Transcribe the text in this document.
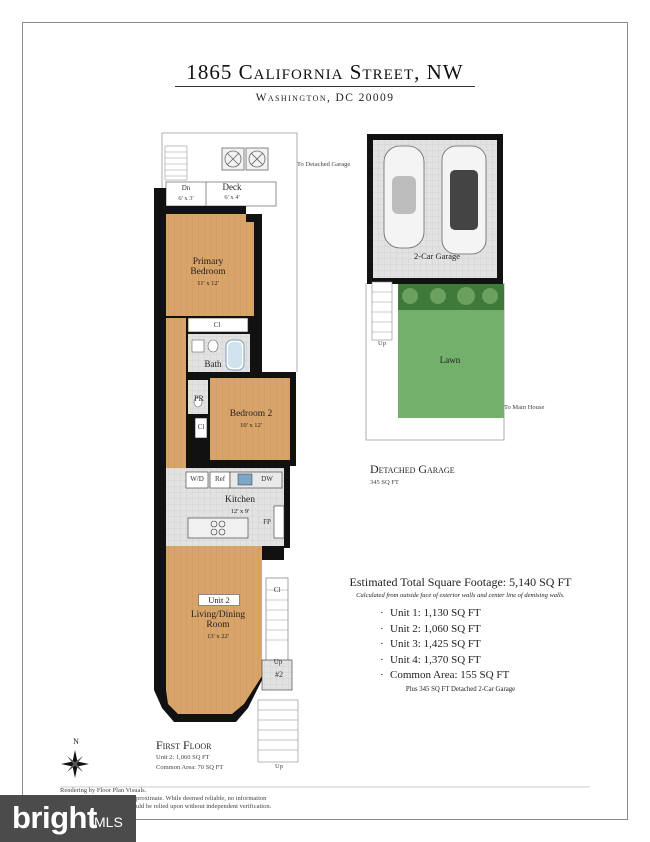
1865 California Street, NW
Washington, DC 20009
Dn
6' x 3'
Deck
6' x 4'
Primary Bedroom
11' x 12'
Cl
Bath
PR
Cl
Bedroom 2
10' x 12'
W/D	Ref	DW
Kitchen
12' x 9'
FP
Unit 2
Living/Dining Room
13' x 22'
Cl
Up
#2
To Detached Garage
2-Car Garage
Lawn
Up
To Main House
Detached Garage
345 SQ FT
Estimated Total Square Footage: 5,140 SQ FT
Calculated from outside face of exterior walls and center line of demising walls.
· Unit 1: 1,130 SQ FT
· Unit 2: 1,060 SQ FT
· Unit 3: 1,425 SQ FT
· Unit 4: 1,370 SQ FT
· Common Area: 155 SQ FT
Plus 345 SQ FT Detached 2-Car Garage
Up
N	First Floor
Unit 2: 1,060 SQ FT
Common Area: 70 SQ FT
Rendering by Floor Plan Visuals.
proximate. While deemed reliable, no information
uld be relied upon without independent verification.
bright
MLS
